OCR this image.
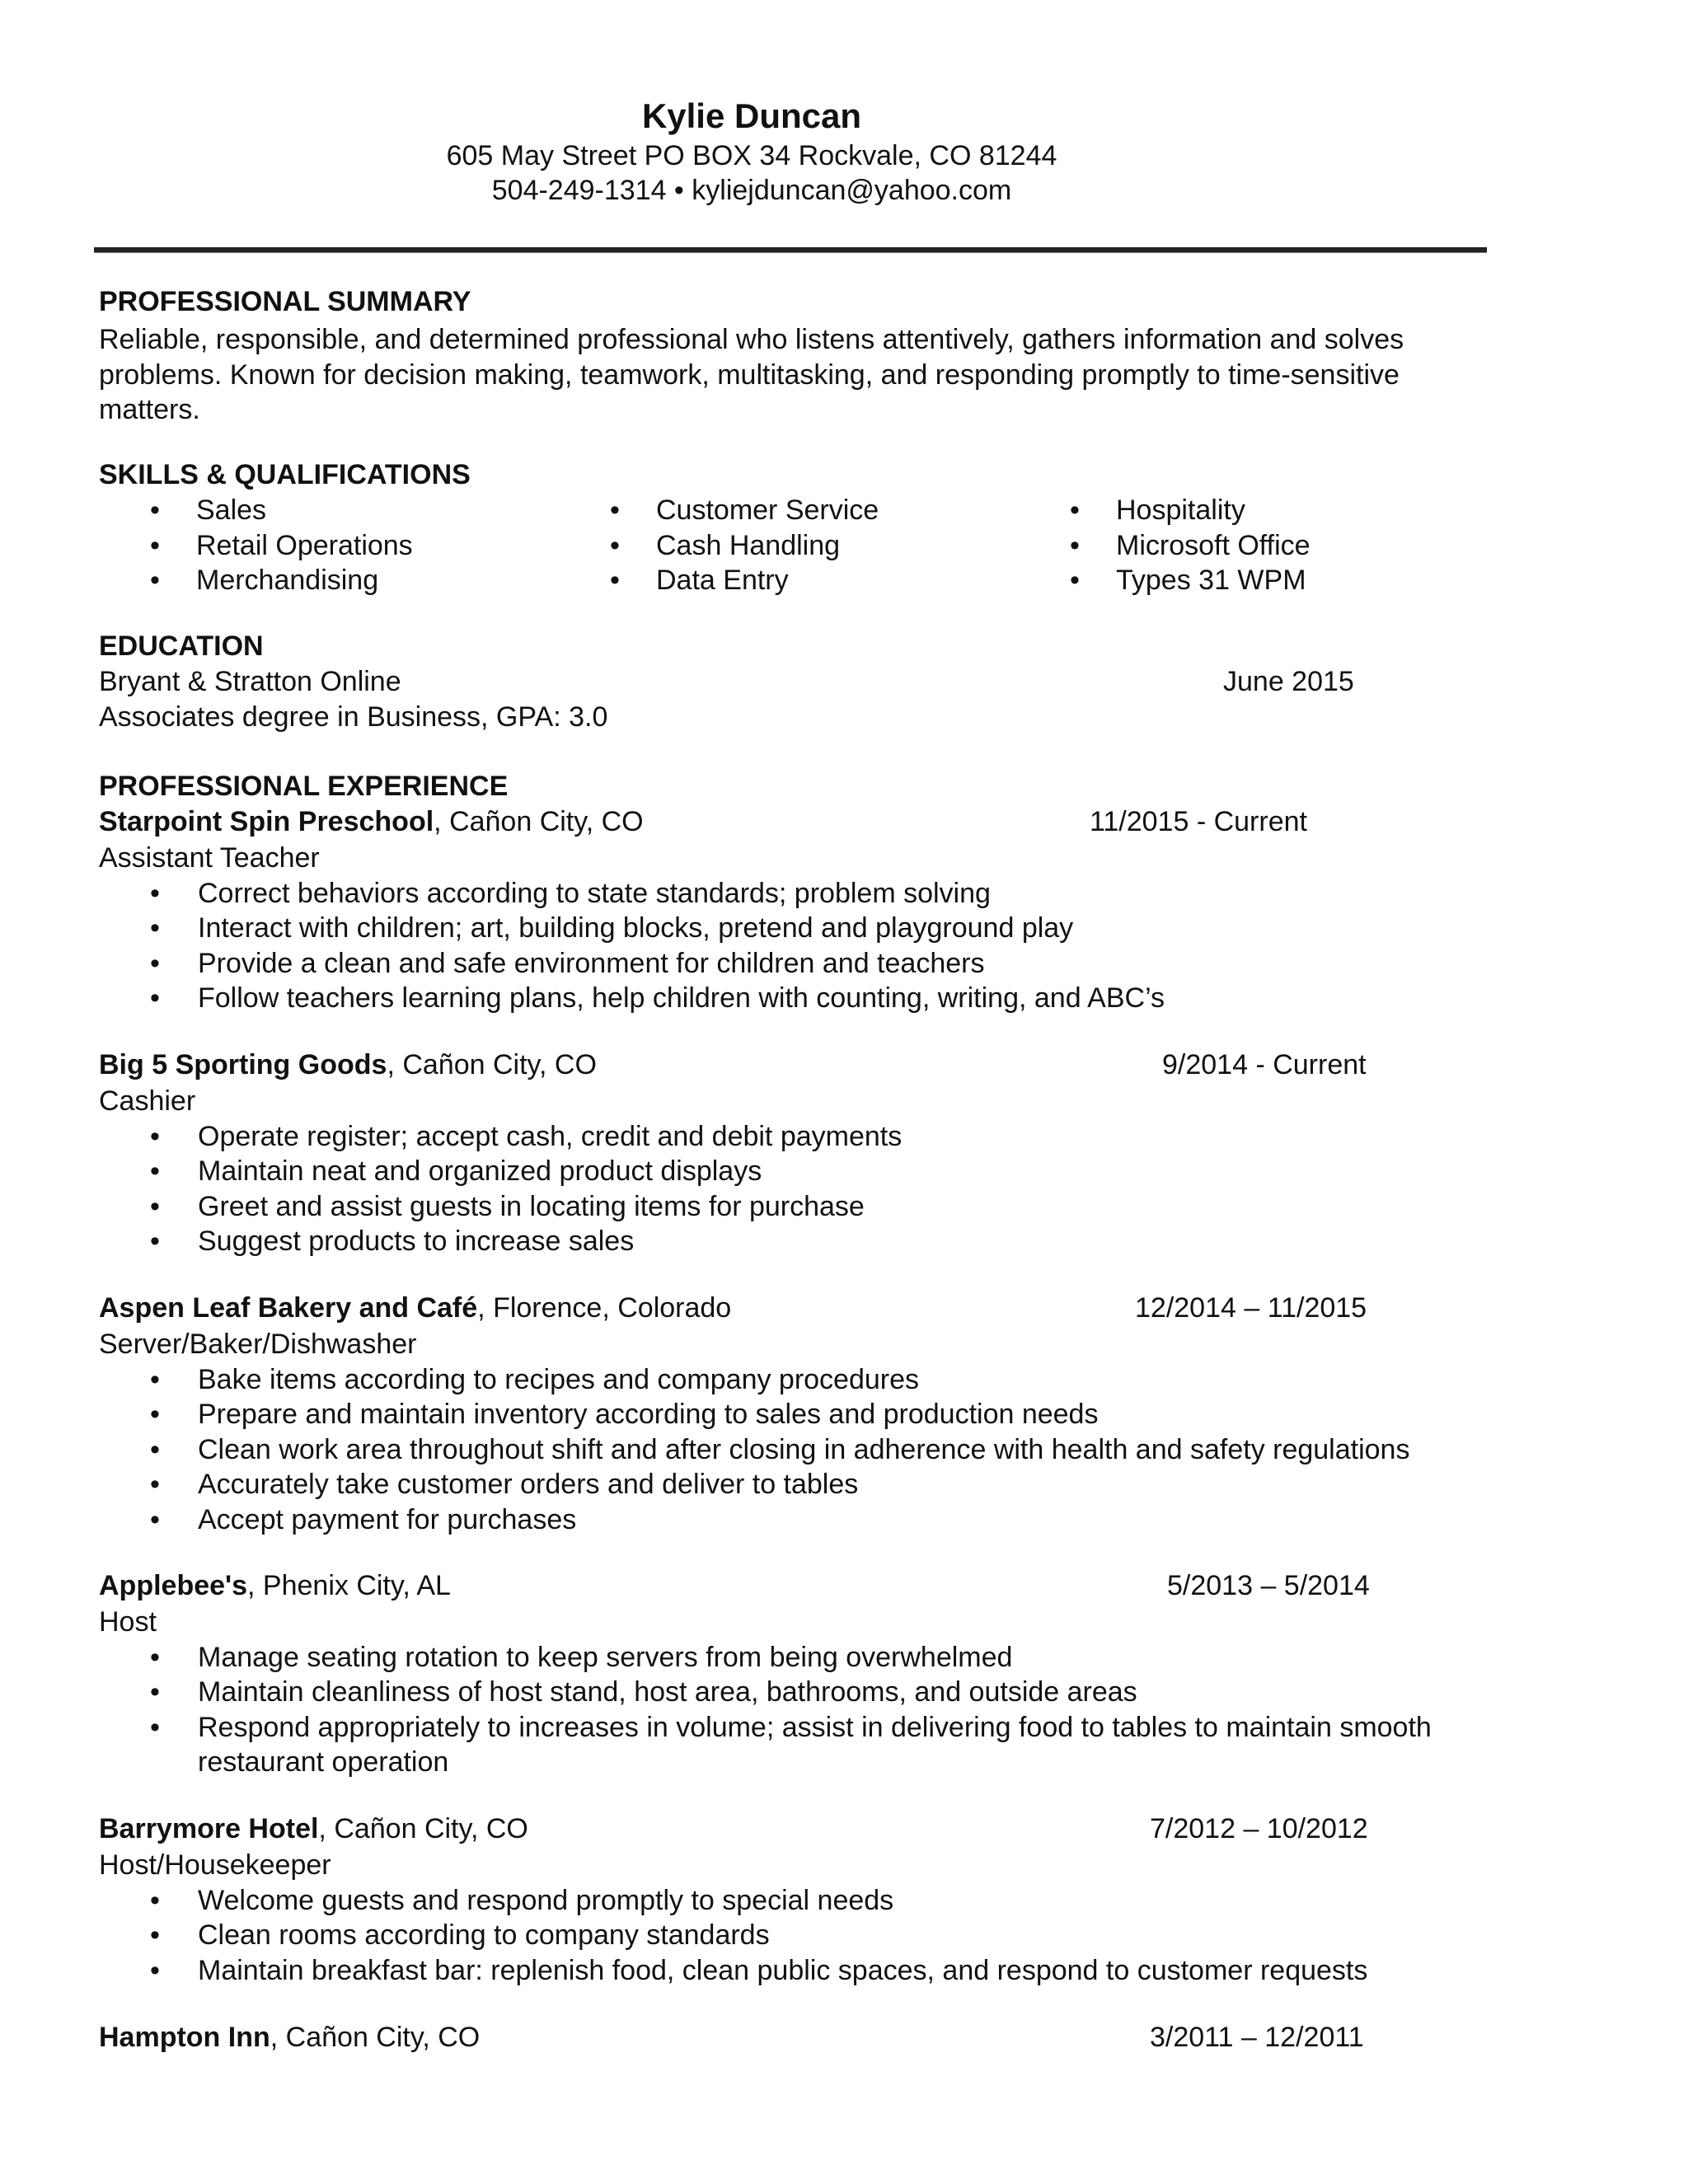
Kylie Duncan
605 May Street PO BOX 34 Rockvale, CO 81244
504-249-1314 • kyliejduncan@yahoo.com
PROFESSIONAL SUMMARY
Reliable, responsible, and determined professional who listens attentively, gathers information and solves problems. Known for decision making, teamwork, multitasking, and responding promptly to time-sensitive matters.
SKILLS & QUALIFICATIONS
• Sales
• Retail Operations
• Merchandising
• Customer Service
• Cash Handling
• Data Entry
• Hospitality
• Microsoft Office
• Types 31 WPM
EDUCATION
Bryant & Stratton Online	June 2015
Associates degree in Business, GPA: 3.0
PROFESSIONAL EXPERIENCE
Starpoint Spin Preschool, Cañon City, CO	11/2015 - Current
Assistant Teacher
• Correct behaviors according to state standards; problem solving
• Interact with children; art, building blocks, pretend and playground play
• Provide a clean and safe environment for children and teachers
• Follow teachers learning plans, help children with counting, writing, and ABC’s
Big 5 Sporting Goods, Cañon City, CO	9/2014 - Current
Cashier
• Operate register; accept cash, credit and debit payments
• Maintain neat and organized product displays
• Greet and assist guests in locating items for purchase
• Suggest products to increase sales
Aspen Leaf Bakery and Café, Florence, Colorado	12/2014 – 11/2015
Server/Baker/Dishwasher
• Bake items according to recipes and company procedures
• Prepare and maintain inventory according to sales and production needs
• Clean work area throughout shift and after closing in adherence with health and safety regulations
• Accurately take customer orders and deliver to tables
• Accept payment for purchases
Applebee's, Phenix City, AL	5/2013 – 5/2014
Host
• Manage seating rotation to keep servers from being overwhelmed
• Maintain cleanliness of host stand, host area, bathrooms, and outside areas
• Respond appropriately to increases in volume; assist in delivering food to tables to maintain smooth restaurant operation
Barrymore Hotel, Cañon City, CO	7/2012 – 10/2012
Host/Housekeeper
• Welcome guests and respond promptly to special needs
• Clean rooms according to company standards
• Maintain breakfast bar: replenish food, clean public spaces, and respond to customer requests
Hampton Inn, Cañon City, CO	3/2011 – 12/2011
